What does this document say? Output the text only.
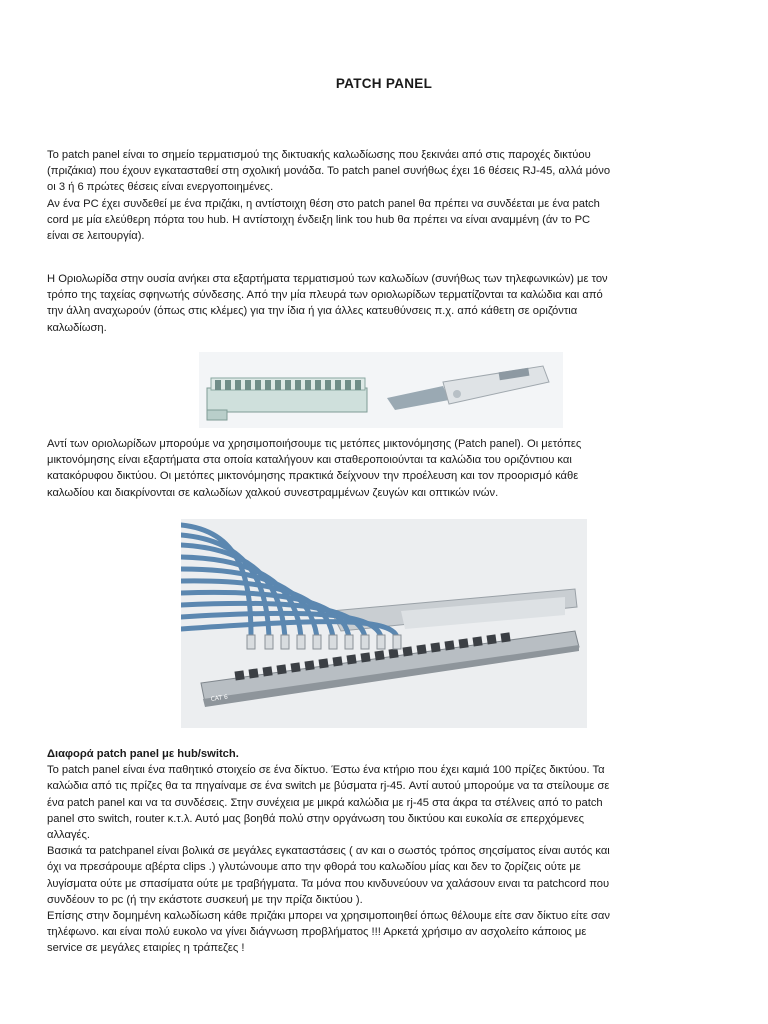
PATCH PANEL
Το patch panel είναι το σημείο τερματισμού της δικτυακής καλωδίωσης που ξεκινάει από στις παροχές δικτύου
(πριζάκια) που έχουν εγκατασταθεί στη σχολική μονάδα. Το patch panel συνήθως έχει 16 θέσεις RJ-45, αλλά μόνο
οι 3 ή 6 πρώτες θέσεις είναι ενεργοποιημένες.
Αν ένα PC έχει συνδεθεί με ένα πριζάκι, η αντίστοιχη θέση στο patch panel θα πρέπει να συνδέεται με ένα patch
cord με μία ελεύθερη πόρτα του hub. Η αντίστοιχη ένδειξη link του hub θα πρέπει να είναι αναμμένη (άν το PC
είναι σε λειτουργία).
Η Οριολωρίδα στην ουσία ανήκει στα εξαρτήματα τερματισμού των καλωδίων (συνήθως των τηλεφωνικών) με τον
τρόπο της ταχείας σφηνωτής σύνδεσης. Από την μία πλευρά των οριολωρίδων τερματίζονται τα καλώδια και από
την άλλη αναχωρούν (όπως στις κλέμες) για την ίδια ή για άλλες κατευθύνσεις π.χ. από κάθετη σε οριζόντια
καλωδίωση.
Αντί των οριολωρίδων μπορούμε να χρησιμοποιήσουμε τις μετόπες μικτονόμησης (Patch panel). Οι μετόπες
μικτονόμησης είναι εξαρτήματα στα οποία καταλήγουν και σταθεροποιούνται τα καλώδια του οριζόντιου και
κατακόρυφου δικτύου. Οι μετόπες μικτονόμησης πρακτικά δείχνουν την προέλευση και τον προορισμό κάθε
καλωδίου και διακρίνονται σε καλωδίων χαλκού συνεστραμμένων ζευγών και οπτικών ινών.
CAT 6
Διαφορά patch panel με hub/switch.
Το patch panel είναι ένα παθητικό στοιχείο σε ένα δίκτυο. Έστω ένα κτήριο που έχει καμιά 100 πρίζες δικτύου. Τα
καλώδια από τις πρίζες θα τα πηγαίναμε σε ένα switch με βύσματα rj-45. Αντί αυτού μπορούμε να τα στείλουμε σε
ένα patch panel και να τα συνδέσεις. Στην συνέχεια με μικρά καλώδια με rj-45 στα άκρα τα στέλνεις από το patch
panel στο switch, router κ.τ.λ. Αυτό μας βοηθά πολύ στην οργάνωση του δικτύου και ευκολία σε επερχόμενες
αλλαγές.
Βασικά τα patchpanel είναι βολικά σε μεγάλες εγκαταστάσεις ( αν και ο σωστός τρόπος σηςσίματος είναι αυτός και
όχι να πρεσάρουμε αβέρτα clips .) γλυτώνουμε απο την φθορά του καλωδίου μίας και δεν το ζορίζεις ούτε με
λυγίσματα ούτε με σπασίματα ούτε με τραβήγματα. Τα μόνα που κινδυνεύουν να χαλάσουν ειναι τα patchcord που
συνδέουν το pc (ή την εκάστοτε συσκευή με την πρίζα δικτύου ).
Επίσης στην δομημένη καλωδίωση κάθε πριζάκι μπορει να χρησιμοποιηθεί όπως θέλουμε είτε σαν δίκτυο είτε σαν
τηλέφωνο. και είναι πολύ ευκολο να γίνει διάγνωση προβλήματος !!! Αρκετά χρήσιμο αν ασχολείτο κάποιος με
service σε μεγάλες εταιρίες η τράπεζες !
